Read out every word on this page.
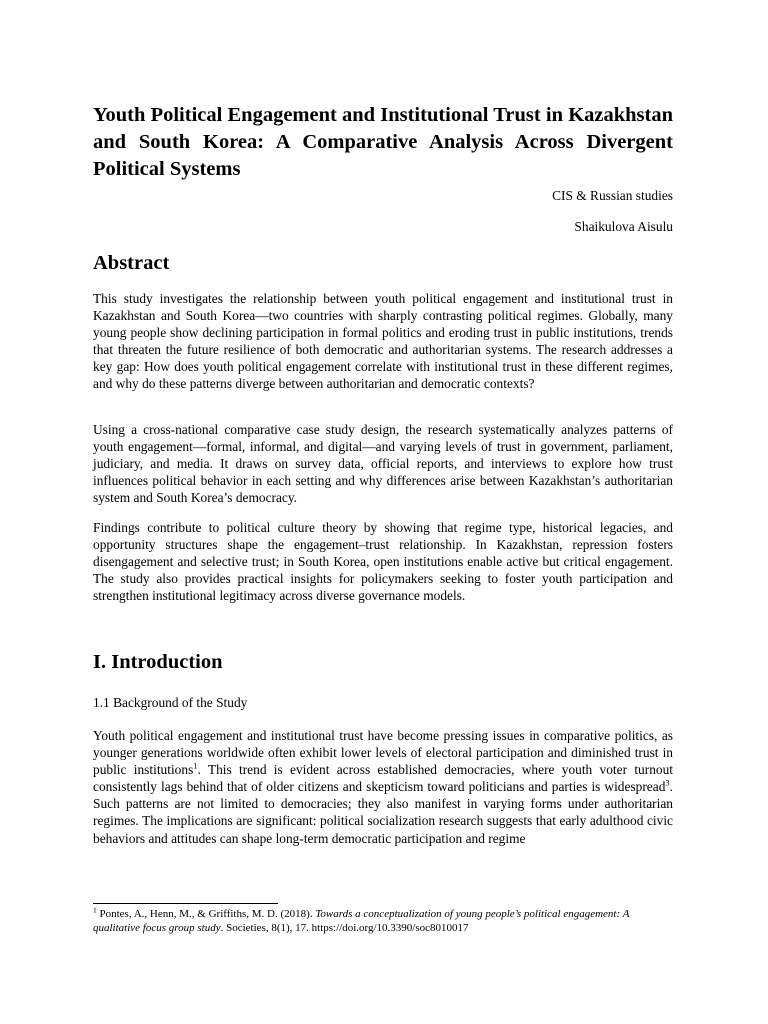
Youth Political Engagement and Institutional Trust in Kazakhstan and South Korea: A Comparative Analysis Across Divergent Political Systems

CIS & Russian studies

Shaikulova Aisulu

Abstract

This study investigates the relationship between youth political engagement and institutional trust in Kazakhstan and South Korea—two countries with sharply contrasting political regimes. Globally, many young people show declining participation in formal politics and eroding trust in public institutions, trends that threaten the future resilience of both democratic and authoritarian systems. The research addresses a key gap: How does youth political engagement correlate with institutional trust in these different regimes, and why do these patterns diverge between authoritarian and democratic contexts?

Using a cross-national comparative case study design, the research systematically analyzes patterns of youth engagement—formal, informal, and digital—and varying levels of trust in government, parliament, judiciary, and media. It draws on survey data, official reports, and interviews to explore how trust influences political behavior in each setting and why differences arise between Kazakhstan’s authoritarian system and South Korea’s democracy.

Findings contribute to political culture theory by showing that regime type, historical legacies, and opportunity structures shape the engagement–trust relationship. In Kazakhstan, repression fosters disengagement and selective trust; in South Korea, open institutions enable active but critical engagement. The study also provides practical insights for policymakers seeking to foster youth participation and strengthen institutional legitimacy across diverse governance models.

I. Introduction

1.1 Background of the Study

Youth political engagement and institutional trust have become pressing issues in comparative politics, as younger generations worldwide often exhibit lower levels of electoral participation and diminished trust in public institutions$^1$. This trend is evident across established democracies, where youth voter turnout consistently lags behind that of older citizens and skepticism toward politicians and parties is widespread$^3$. Such patterns are not limited to democracies; they also manifest in varying forms under authoritarian regimes. The implications are significant: political socialization research suggests that early adulthood civic behaviors and attitudes can shape long-term democratic participation and regime

$^1$ Pontes, A., Henn, M., & Griffiths, M. D. (2018). Towards a conceptualization of young people’s political engagement: A qualitative focus group study. Societies, 8(1), 17. https://doi.org/10.3390/soc8010017
